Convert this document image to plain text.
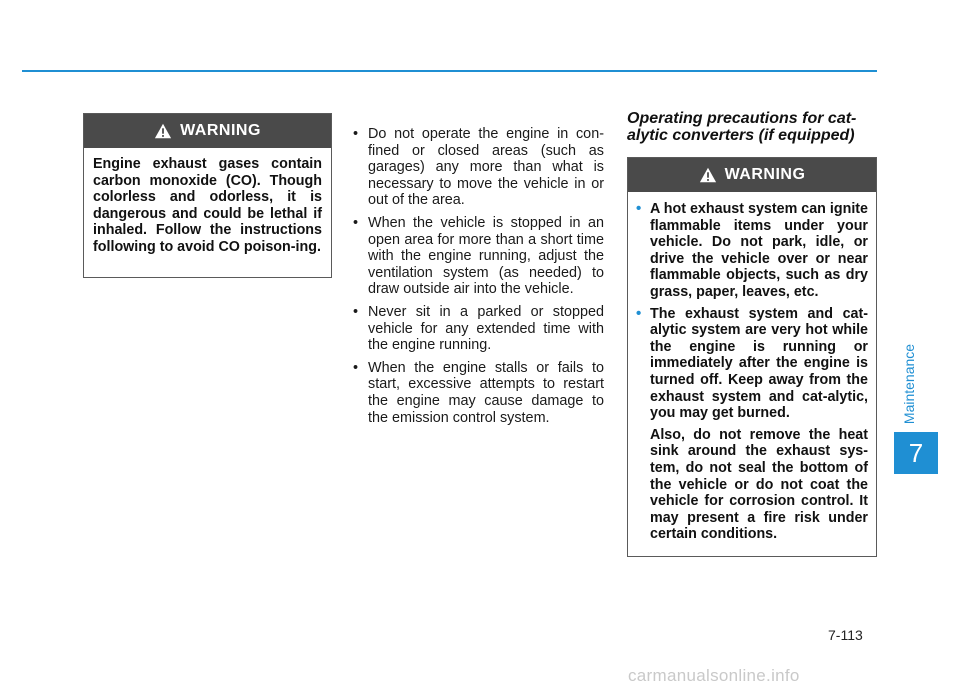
WARNING
Engine exhaust gases contain carbon monoxide (CO). Though colorless and odorless, it is dangerous and could be lethal if inhaled. Follow the instructions following to avoid CO poison-ing.
• Do not operate the engine in con-fined or closed areas (such as garages) any more than what is necessary to move the vehicle in or out of the area.
• When the vehicle is stopped in an open area for more than a short time with the engine running, adjust the ventilation system (as needed) to draw outside air into the vehicle.
• Never sit in a parked or stopped vehicle for any extended time with the engine running.
• When the engine stalls or fails to start, excessive attempts to restart the engine may cause damage to the emission control system.
Operating precautions for cat-alytic converters (if equipped)
WARNING
• A hot exhaust system can ignite flammable items under your vehicle. Do not park, idle, or drive the vehicle over or near flammable objects, such as dry grass, paper, leaves, etc.
• The exhaust system and cat-alytic system are very hot while the engine is running or immediately after the engine is turned off. Keep away from the exhaust system and cat-alytic, you may get burned.
Also, do not remove the heat sink around the exhaust sys-tem, do not seal the bottom of the vehicle or do not coat the vehicle for corrosion control. It may present a fire risk under certain conditions.
Maintenance
7
7-113
carmanualsonline.info
